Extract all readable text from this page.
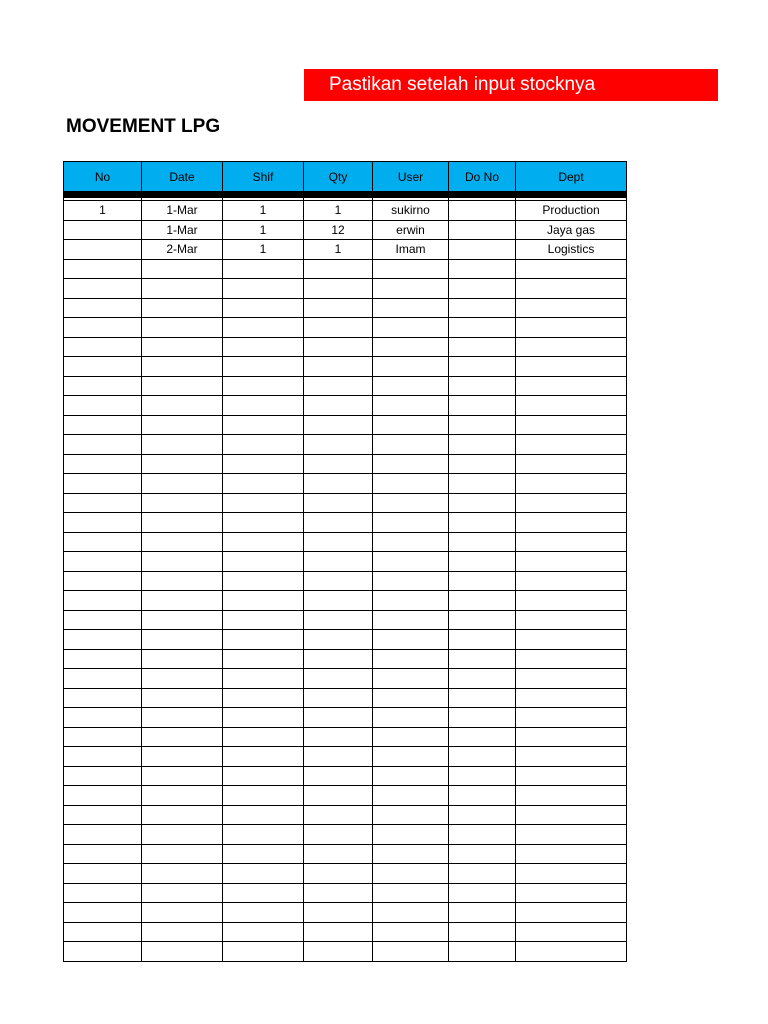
Pastikan setelah input stocknya
MOVEMENT LPG
No	Date	Shif	Qty	User	Do No	Dept

1	1-Mar	1	1	sukirno		Production
	1-Mar	1	12	erwin		Jaya gas
	2-Mar	1	1	Imam		Logistics
